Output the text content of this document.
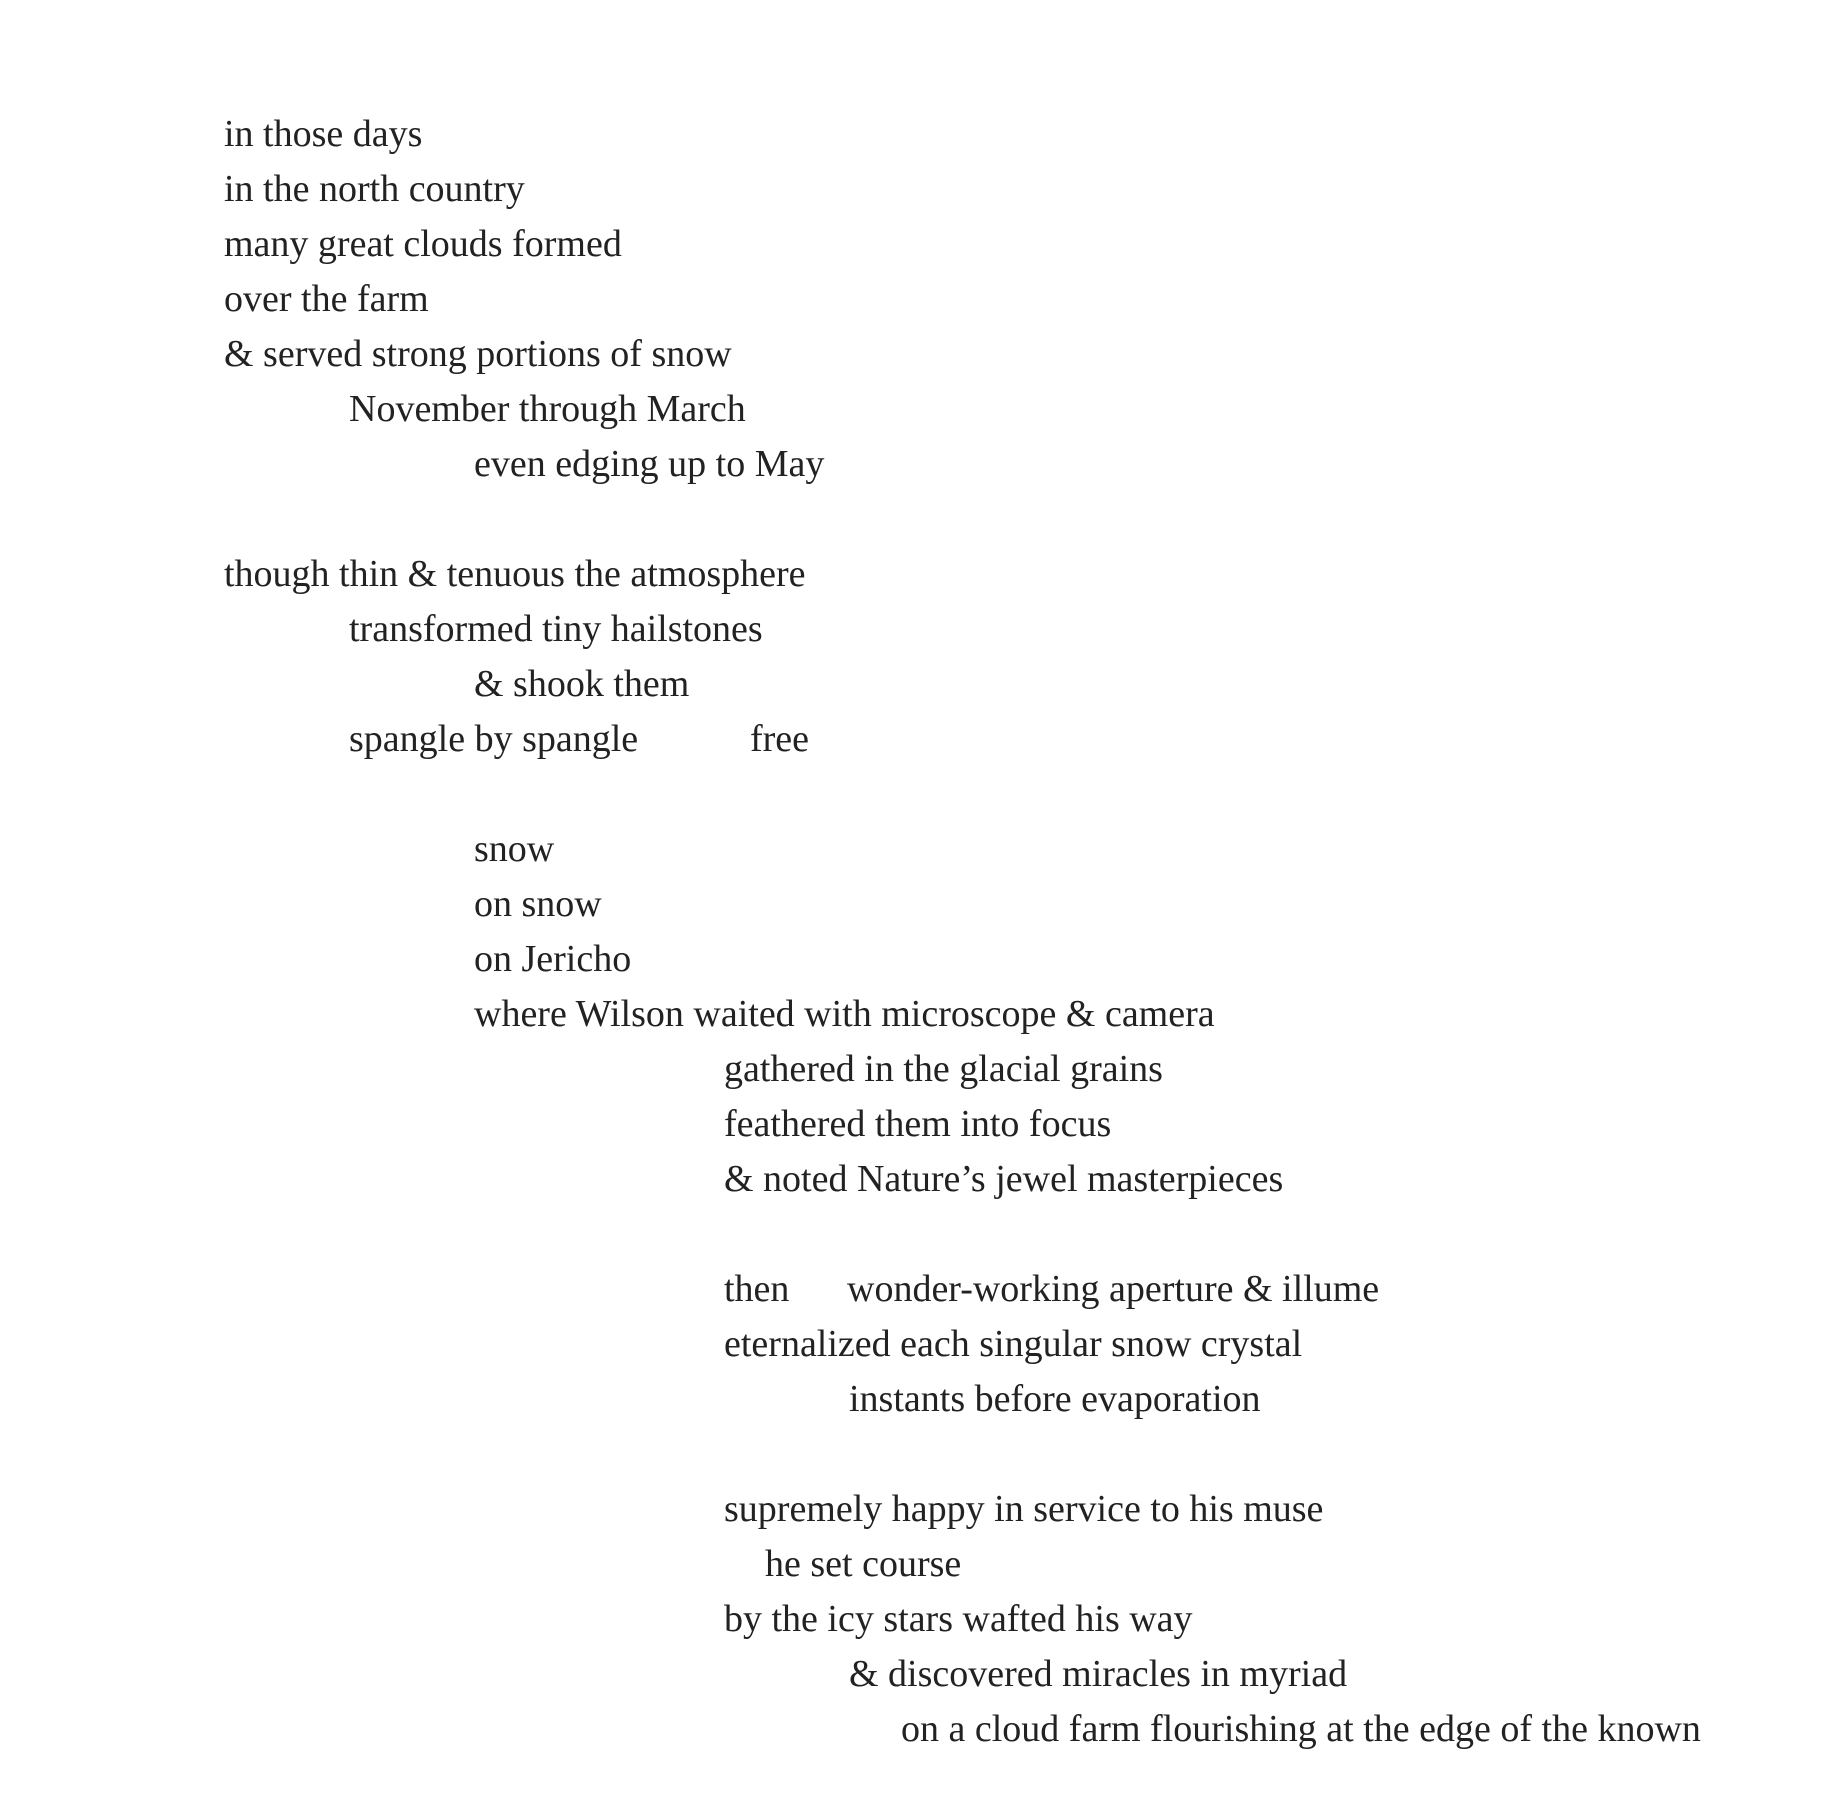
in those days
in the north country
many great clouds formed
over the farm
& served strong portions of snow
November through March
even edging up to May
though thin & tenuous the atmosphere
transformed tiny hailstones
& shook them
spangle by spangle	free
snow
on snow
on Jericho
where Wilson waited with microscope & camera
gathered in the glacial grains
feathered them into focus
& noted Nature’s jewel masterpieces
then wonder-working aperture & illume
eternalized each singular snow crystal
instants before evaporation
supremely happy in service to his muse
he set course
by the icy stars wafted his way
& discovered miracles in myriad
on a cloud farm flourishing at the edge of the known
